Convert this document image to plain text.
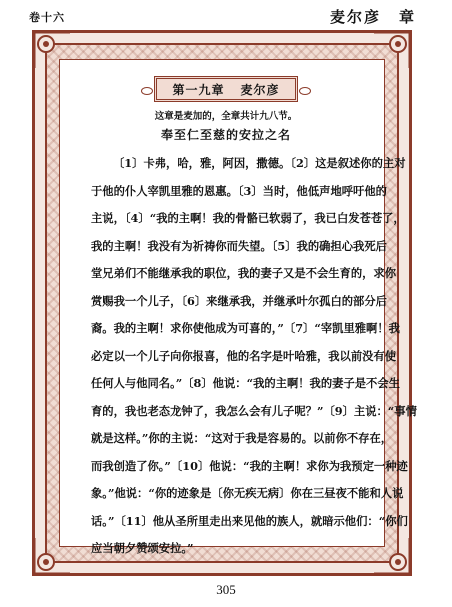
卷十六	麦尔彦 章
第一九章 麦尔彦
这章是麦加的，全章共计九八节。
奉至仁至慈的安拉之名
〔1〕卡弗，哈，雅，阿因，撒德。〔2〕这是叙述你的主对
于他的仆人宰凯里雅的恩惠。〔3〕当时，他低声地呼吁他的
主说，〔4〕“我的主啊！我的骨骼已软弱了，我已白发苍苍了，
我的主啊！我没有为祈祷你而失望。〔5〕我的确担心我死后
堂兄弟们不能继承我的职位，我的妻子又是不会生育的，求你
赏赐我一个儿子，〔6〕来继承我，并继承叶尔孤白的部分后
裔。我的主啊！求你使他成为可喜的，”〔7〕“宰凯里雅啊！我
必定以一个儿子向你报喜，他的名字是叶哈雅，我以前没有使
任何人与他同名。”〔8〕他说：“我的主啊！我的妻子是不会生
育的，我也老态龙钟了，我怎么会有儿子呢？”〔9〕主说：“事情
就是这样。”你的主说：“这对于我是容易的。以前你不存在，
而我创造了你。”〔10〕他说：“我的主啊！求你为我预定一种迹
象。”他说：“你的迹象是〔你无疾无病〕你在三昼夜不能和人说
话。”〔11〕他从圣所里走出来见他的族人，就暗示他们：“你们
应当朝夕赞颂安拉。”
305
